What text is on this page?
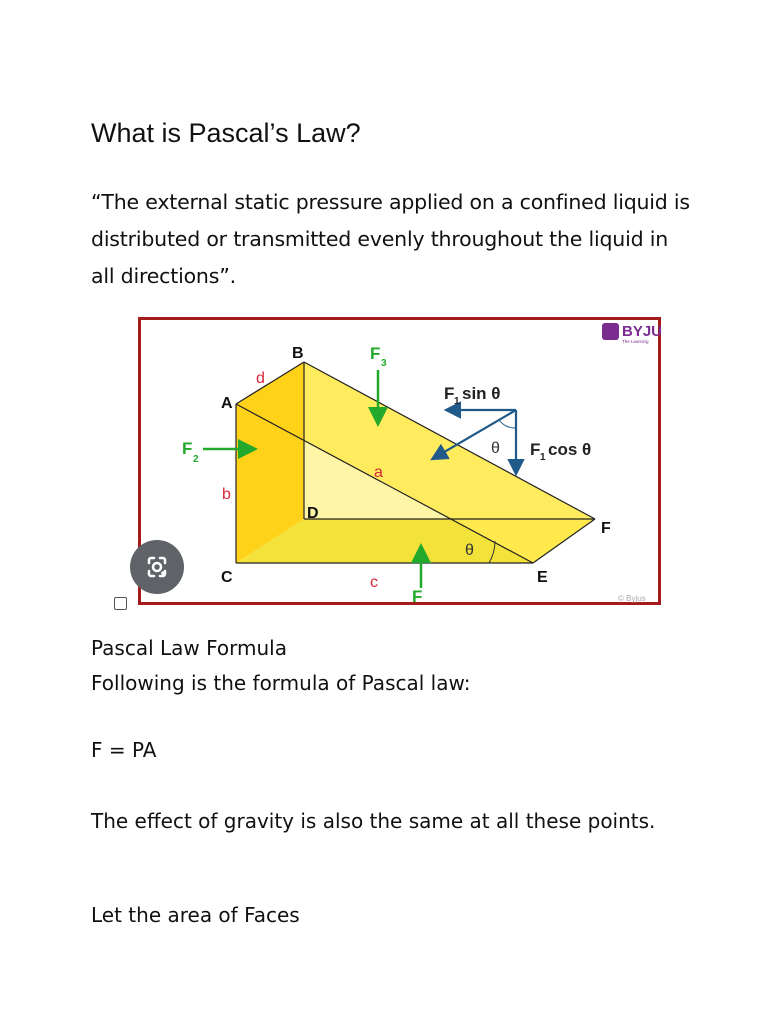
What is Pascal’s Law?
“The external static pressure applied on a confined liquid is distributed or transmitted evenly throughout the liquid in all directions”.
B
A
C
D
E
F
d
a
b
c
θ
θ
F
3
F
2
F
F 1 sin θ
F 1 cos θ
BYJU
The Learning
© Byjus
Pascal Law Formula
Following is the formula of Pascal law:
F = PA
The effect of gravity is also the same at all these points.
Let the area of Faces
